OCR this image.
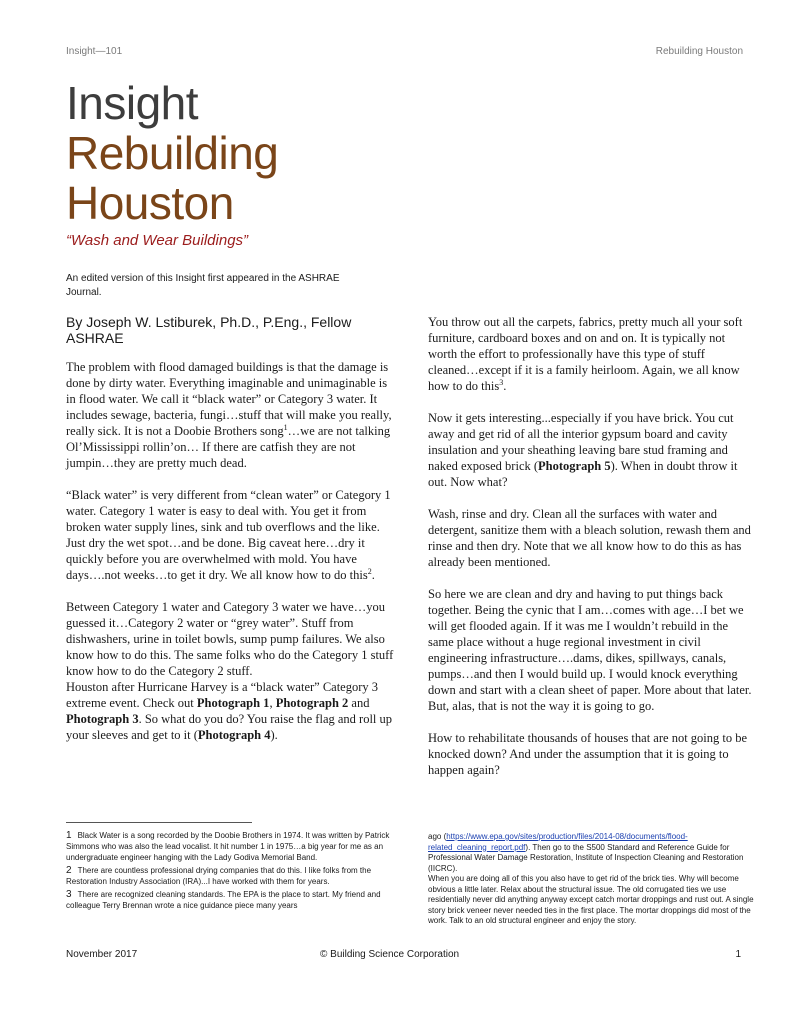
Insight—101	Rebuilding Houston
Insight
Rebuilding
Houston
“Wash and Wear Buildings”
An edited version of this Insight first appeared in the ASHRAE Journal.
By Joseph W. Lstiburek, Ph.D., P.Eng., Fellow ASHRAE

The problem with flood damaged buildings is that the damage is done by dirty water. Everything imaginable and unimaginable is in flood water. We call it “black water” or Category 3 water. It includes sewage, bacteria, fungi…stuff that will make you really, really sick. It is not a Doobie Brothers song$^1$…we are not talking Ol’Mississippi rollin’on… If there are catfish they are not jumpin…they are pretty much dead.

“Black water” is very different from “clean water” or Category 1 water. Category 1 water is easy to deal with. You get it from broken water supply lines, sink and tub overflows and the like. Just dry the wet spot…and be done. Big caveat here…dry it quickly before you are overwhelmed with mold. You have days….not weeks…to get it dry. We all know how to do this$^2$.

Between Category 1 water and Category 3 water we have…you guessed it…Category 2 water or “grey water”. Stuff from dishwashers, urine in toilet bowls, sump pump failures. We also know how to do this. The same folks who do the Category 1 stuff know how to do the Category 2 stuff.

Houston after Hurricane Harvey is a “black water” Category 3 extreme event. Check out Photograph 1, Photograph 2 and Photograph 3. So what do you do? You raise the flag and roll up your sleeves and get to it (Photograph 4).

You throw out all the carpets, fabrics, pretty much all your soft furniture, cardboard boxes and on and on. It is typically not worth the effort to professionally have this type of stuff cleaned…except if it is a family heirloom. Again, we all know how to do this$^3$.

Now it gets interesting...especially if you have brick. You cut away and get rid of all the interior gypsum board and cavity insulation and your sheathing leaving bare stud framing and naked exposed brick (Photograph 5). When in doubt throw it out. Now what?

Wash, rinse and dry. Clean all the surfaces with water and detergent, sanitize them with a bleach solution, rewash them and rinse and then dry. Note that we all know how to do this as has already been mentioned.

So here we are clean and dry and having to put things back together. Being the cynic that I am…comes with age…I bet we will get flooded again. If it was me I wouldn’t rebuild in the same place without a huge regional investment in civil engineering infrastructure….dams, dikes, spillways, canals, pumps…and then I would build up. I would knock everything down and start with a clean sheet of paper. More about that later. But, alas, that is not the way it is going to go.

How to rehabilitate thousands of houses that are not going to be knocked down? And under the assumption that it is going to happen again?

1 Black Water is a song recorded by the Doobie Brothers in 1974. It was written by Patrick Simmons who was also the lead vocalist. It hit number 1 in 1975…a big year for me as an undergraduate engineer hanging with the Lady Godiva Memorial Band.
2 There are countless professional drying companies that do this. I like folks from the Restoration Industry Association (IRA)...I have worked with them for years.
3 There are recognized cleaning standards. The EPA is the place to start. My friend and colleague Terry Brennan wrote a nice guidance piece many years
ago (https://www.epa.gov/sites/production/files/2014-08/documents/flood-related_cleaning_report.pdf). Then go to the S500 Standard and Reference Guide for Professional Water Damage Restoration, Institute of Inspection Cleaning and Restoration (IICRC).
When you are doing all of this you also have to get rid of the brick ties. Why will become obvious a little later. Relax about the structural issue. The old corrugated ties we use residentially never did anything anyway except catch mortar droppings and rust out. A single story brick veneer never needed ties in the first place. The mortar droppings did most of the work. Talk to an old structural engineer and enjoy the story.
November 2017	© Building Science Corporation	1
